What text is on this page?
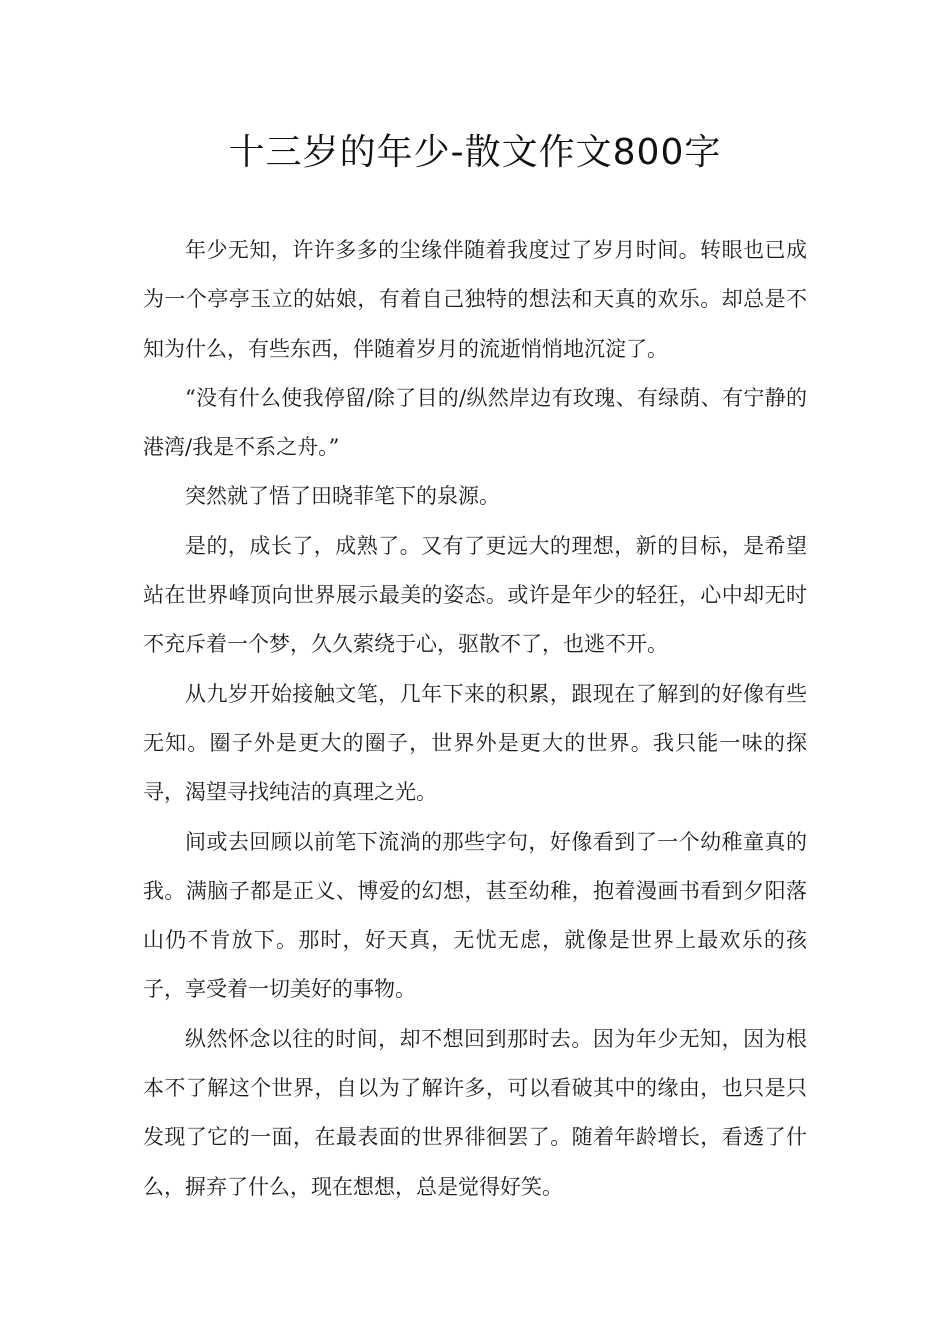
十三岁的年少-散文作文800字

年少无知，许许多多的尘缘伴随着我度过了岁月时间。转眼也已成为一个亭亭玉立的姑娘，有着自己独特的想法和天真的欢乐。却总是不知为什么，有些东西，伴随着岁月的流逝悄悄地沉淀了。

“没有什么使我停留/除了目的/纵然岸边有玫瑰、有绿荫、有宁静的港湾/我是不系之舟。”

突然就了悟了田晓菲笔下的泉源。

是的，成长了，成熟了。又有了更远大的理想，新的目标，是希望站在世界峰顶向世界展示最美的姿态。或许是年少的轻狂，心中却无时不充斥着一个梦，久久萦绕于心，驱散不了，也逃不开。

从九岁开始接触文笔，几年下来的积累，跟现在了解到的好像有些无知。圈子外是更大的圈子，世界外是更大的世界。我只能一味的探寻，渴望寻找纯洁的真理之光。

间或去回顾以前笔下流淌的那些字句，好像看到了一个幼稚童真的我。满脑子都是正义、博爱的幻想，甚至幼稚，抱着漫画书看到夕阳落山仍不肯放下。那时，好天真，无忧无虑，就像是世界上最欢乐的孩子，享受着一切美好的事物。

纵然怀念以往的时间，却不想回到那时去。因为年少无知，因为根本不了解这个世界，自以为了解许多，可以看破其中的缘由，也只是只发现了它的一面，在最表面的世界徘徊罢了。随着年龄增长，看透了什么，摒弃了什么，现在想想，总是觉得好笑。
